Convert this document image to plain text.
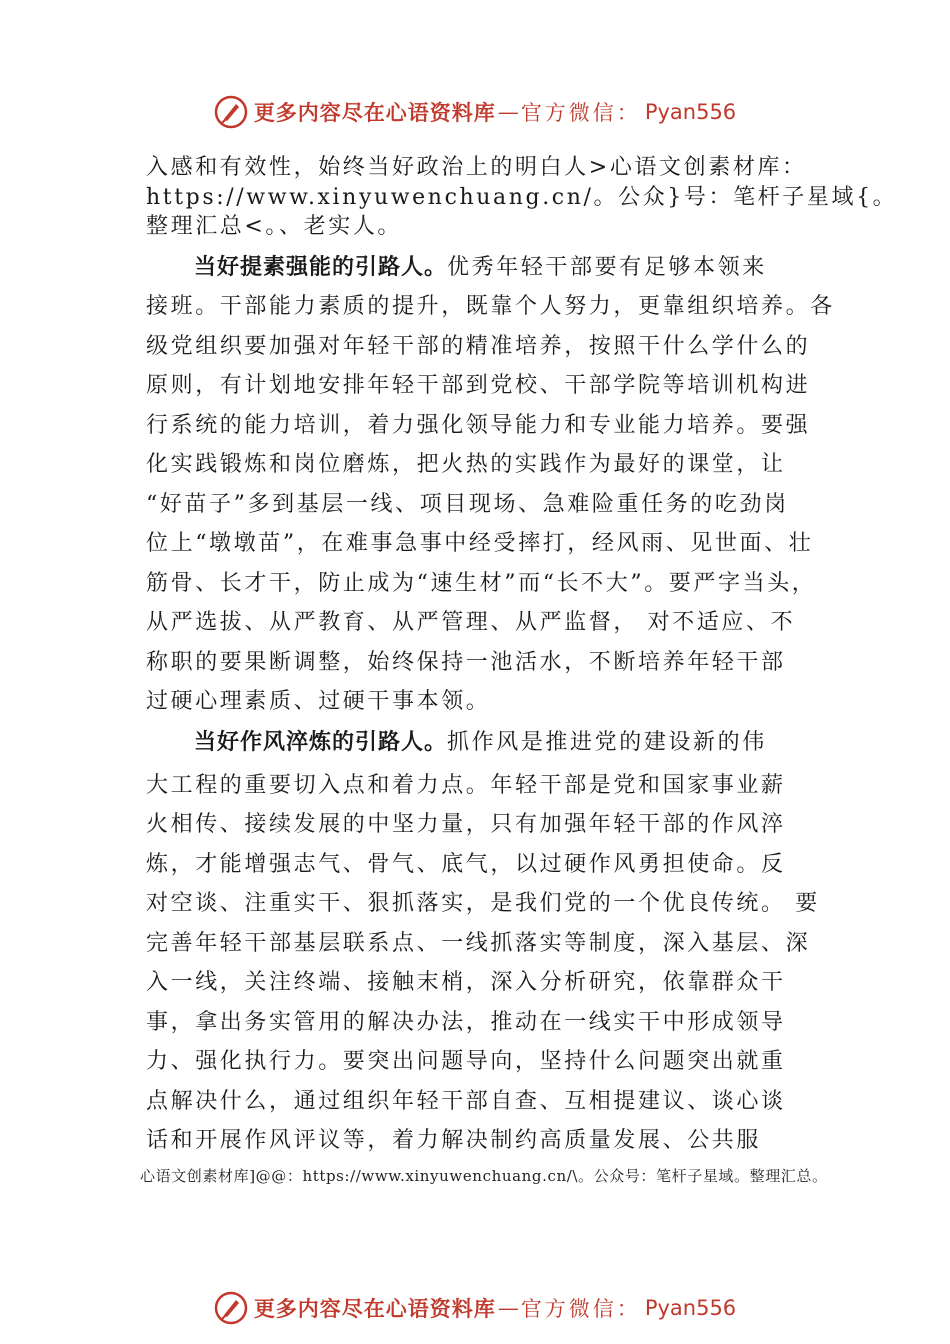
更多内容尽在心语资料库 — 官方微信： Pyan556
入感和有效性，始终当好政治上的明白人>心语文创素材库：
https://www.xinyuwenchuang.cn/。公众}号：笔杆子星域{。
整理汇总<。、老实人。
当好提素强能的引路人。优秀年轻干部要有足够本领来
接班。干部能力素质的提升，既靠个人努力，更靠组织培养。各
级党组织要加强对年轻干部的精准培养，按照干什么学什么的
原则，有计划地安排年轻干部到党校、干部学院等培训机构进
行系统的能力培训，着力强化领导能力和专业能力培养。要强
化实践锻炼和岗位磨炼，把火热的实践作为最好的课堂，让
“好苗子”多到基层一线、项目现场、急难险重任务的吃劲岗
位上“墩墩苗”，在难事急事中经受摔打，经风雨、见世面、壮
筋骨、长才干，防止成为“速生材”而“长不大”。要严字当头，
从严选拔、从严教育、从严管理、从严监督， 对不适应、不
称职的要果断调整，始终保持一池活水，不断培养年轻干部
过硬心理素质、过硬干事本领。
当好作风淬炼的引路人。抓作风是推进党的建设新的伟
大工程的重要切入点和着力点。年轻干部是党和国家事业薪
火相传、接续发展的中坚力量，只有加强年轻干部的作风淬
炼，才能增强志气、骨气、底气，以过硬作风勇担使命。反
对空谈、注重实干、狠抓落实，是我们党的一个优良传统。 要
完善年轻干部基层联系点、一线抓落实等制度，深入基层、深
入一线，关注终端、接触末梢，深入分析研究，依靠群众干
事，拿出务实管用的解决办法，推动在一线实干中形成领导
力、强化执行力。要突出问题导向，坚持什么问题突出就重
点解决什么，通过组织年轻干部自查、互相提建议、谈心谈
话和开展作风评议等，着力解决制约高质量发展、公共服
心语文创素材库]@@：https://www.xinyuwenchuang.cn/\。公众号：笔杆子星域。整理汇总。
更多内容尽在心语资料库 — 官方微信： Pyan556
